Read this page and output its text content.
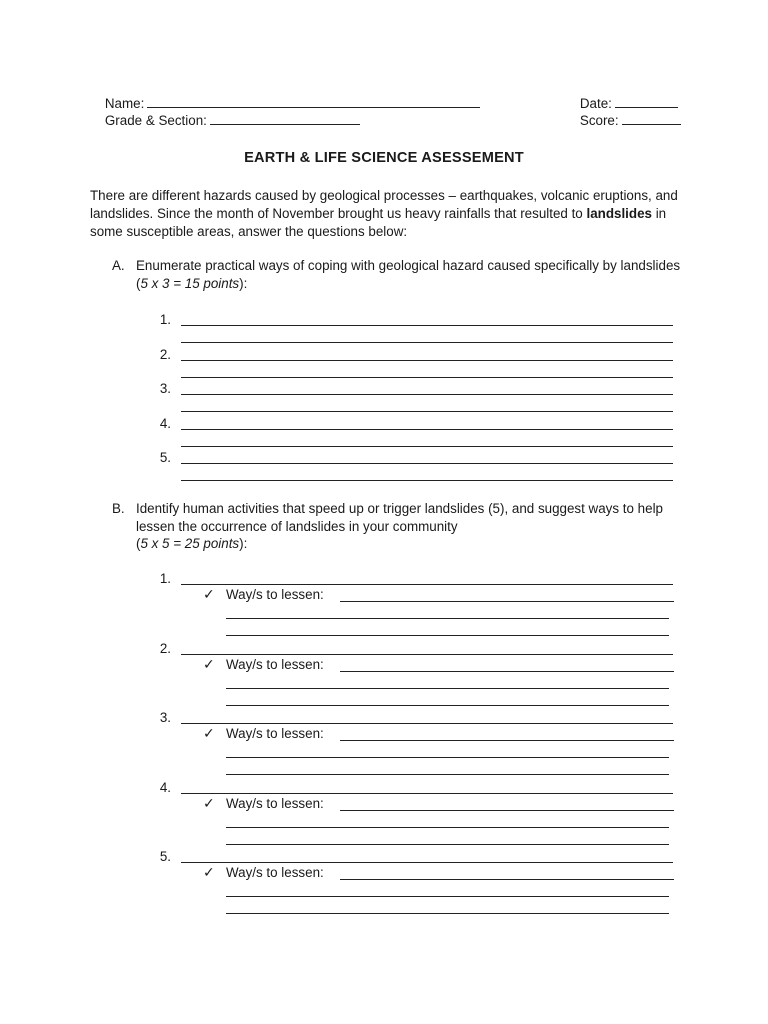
Name:

Grade & Section:

Date:

Score:

EARTH & LIFE SCIENCE ASESSEMENT
There are different hazards caused by geological processes – earthquakes, volcanic eruptions, and landslides. Since the month of November brought us heavy rainfalls that resulted to landslides in some susceptible areas, answer the questions below:
A. Enumerate practical ways of coping with geological hazard caused specifically by landslides (5 x 3 = 15 points):
1.
2.
3.
4.
5.
B. Identify human activities that speed up or trigger landslides (5), and suggest ways to help lessen the occurrence of landslides in your community
(5 x 5 = 25 points):
1.
✓ Way/s to lessen:
2.
✓ Way/s to lessen:
3.
✓ Way/s to lessen:
4.
✓ Way/s to lessen:
5.
✓ Way/s to lessen:
